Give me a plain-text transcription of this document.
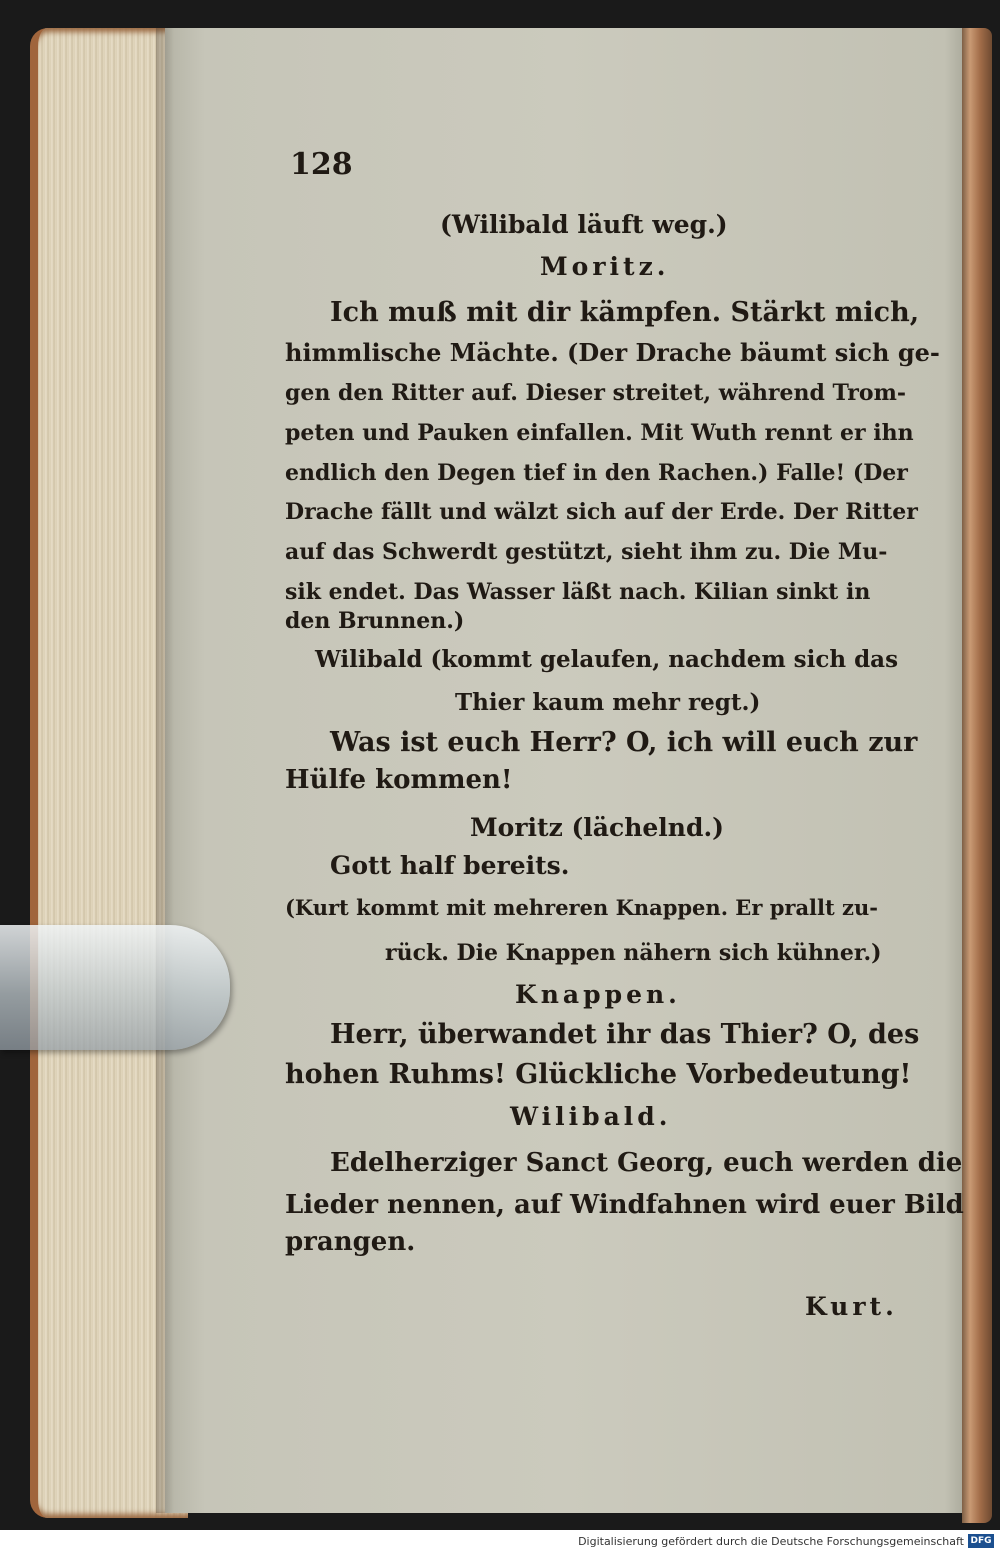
128
(Wilibald läuft weg.)
Moritz.
Ich muß mit dir kämpfen. Stärkt mich,
himmlische Mächte. (Der Drache bäumt sich ge-
gen den Ritter auf. Dieser streitet, während Trom-
peten und Pauken einfallen. Mit Wuth rennt er ihn
endlich den Degen tief in den Rachen.) Falle! (Der
Drache fällt und wälzt sich auf der Erde. Der Ritter
auf das Schwerdt gestützt, sieht ihm zu. Die Mu-
sik endet. Das Wasser läßt nach. Kilian sinkt in
den Brunnen.)
Wilibald (kommt gelaufen, nachdem sich das
Thier kaum mehr regt.)
Was ist euch Herr? O, ich will euch zur
Hülfe kommen!
Moritz (lächelnd.)
Gott half bereits.
(Kurt kommt mit mehreren Knappen. Er prallt zu-
rück. Die Knappen nähern sich kühner.)
Knappen.
Herr, überwandet ihr das Thier? O, des
hohen Ruhms! Glückliche Vorbedeutung!
Wilibald.
Edelherziger Sanct Georg, euch werden die
Lieder nennen, auf Windfahnen wird euer Bild
prangen.
Kurt.
Digitalisierung gefördert durch die Deutsche Forschungsgemeinschaft DFG
